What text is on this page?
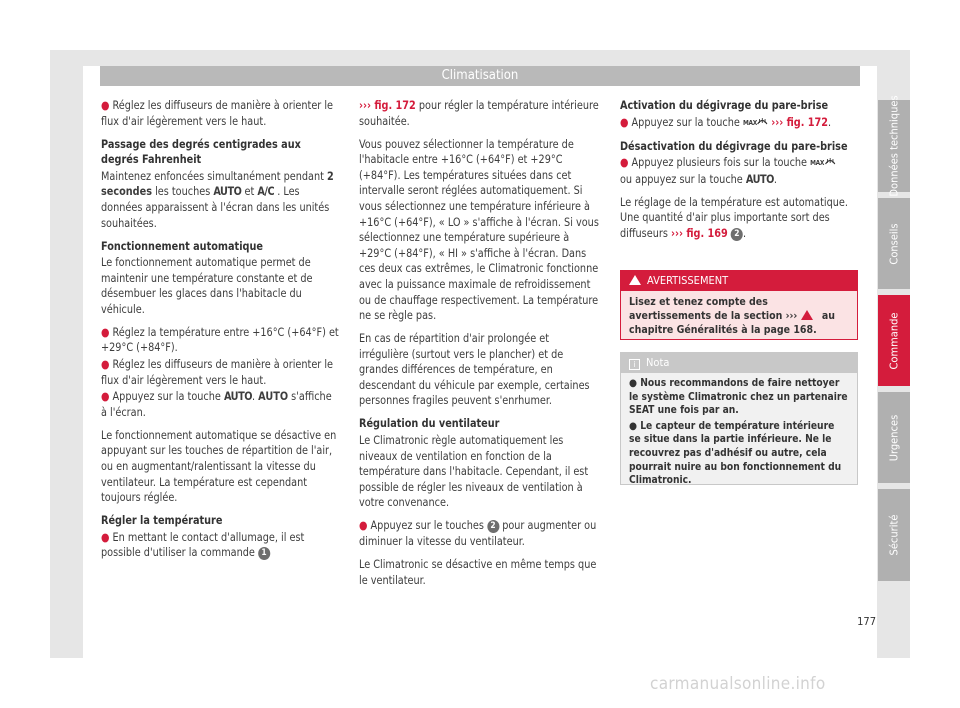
Climatisation

● Réglez les diffuseurs de manière à orienter le flux d'air légèrement vers le haut.

Passage des degrés centigrades aux degrés Fahrenheit

Maintenez enfoncées simultanément pendant 2 secondes les touches AUTO et A/C . Les données apparaissent à l'écran dans les unités souhaitées.

Fonctionnement automatique

Le fonctionnement automatique permet de maintenir une température constante et de désembuer les glaces dans l'habitacle du véhicule.

● Réglez la température entre +16°C (+64°F) et +29°C (+84°F).

● Réglez les diffuseurs de manière à orienter le flux d'air légèrement vers le haut.

● Appuyez sur la touche AUTO. AUTO s'affiche à l'écran.

Le fonctionnement automatique se désactive en appuyant sur les touches de répartition de l'air, ou en augmentant/ralentissant la vitesse du ventilateur. La température est cependant toujours réglée.

Régler la température

● En mettant le contact d'allumage, il est possible d'utiliser la commande 1

››› fig. 172 pour régler la température intérieure souhaitée.

Vous pouvez sélectionner la température de l'habitacle entre +16°C (+64°F) et +29°C (+84°F). Les températures situées dans cet intervalle seront réglées automatiquement. Si vous sélectionnez une température inférieure à +16°C (+64°F), « LO » s'affiche à l'écran. Si vous sélectionnez une température supérieure à +29°C (+84°F), « HI » s'affiche à l'écran. Dans ces deux cas extrêmes, le Climatronic fonctionne avec la puissance maximale de refroidissement ou de chauffage respectivement. La température ne se règle pas.

En cas de répartition d'air prolongée et irrégulière (surtout vers le plancher) et de grandes différences de température, en descendant du véhicule par exemple, certaines personnes fragiles peuvent s'enrhumer.

Régulation du ventilateur

Le Climatronic règle automatiquement les niveaux de ventilation en fonction de la température dans l'habitacle. Cependant, il est possible de régler les niveaux de ventilation à votre convenance.

● Appuyez sur le touches 2 pour augmenter ou diminuer la vitesse du ventilateur.

Le Climatronic se désactive en même temps que le ventilateur.

Activation du dégivrage du pare-brise

● Appuyez sur la touche MAX ››› fig. 172.

Désactivation du dégivrage du pare-brise

● Appuyez plusieurs fois sur la touche MAX
ou appuyez sur la touche AUTO.

Le réglage de la température est automatique. Une quantité d'air plus importante sort des diffuseurs ››› fig. 169 2 .

AVERTISSEMENT
Lisez et tenez compte des avertissements de la section ›››  au chapitre Généralités à la page 168.
i Nota

● Nous recommandons de faire nettoyer le système Climatronic chez un partenaire SEAT une fois par an.

● Le capteur de température intérieure se situe dans la partie inférieure. Ne le recouvrez pas d'adhésif ou autre, cela pourrait nuire au bon fonctionnement du Climatronic.

Données techniques
Conseils
Commande
Urgences
Sécurité
177
carmanualsonline.info
